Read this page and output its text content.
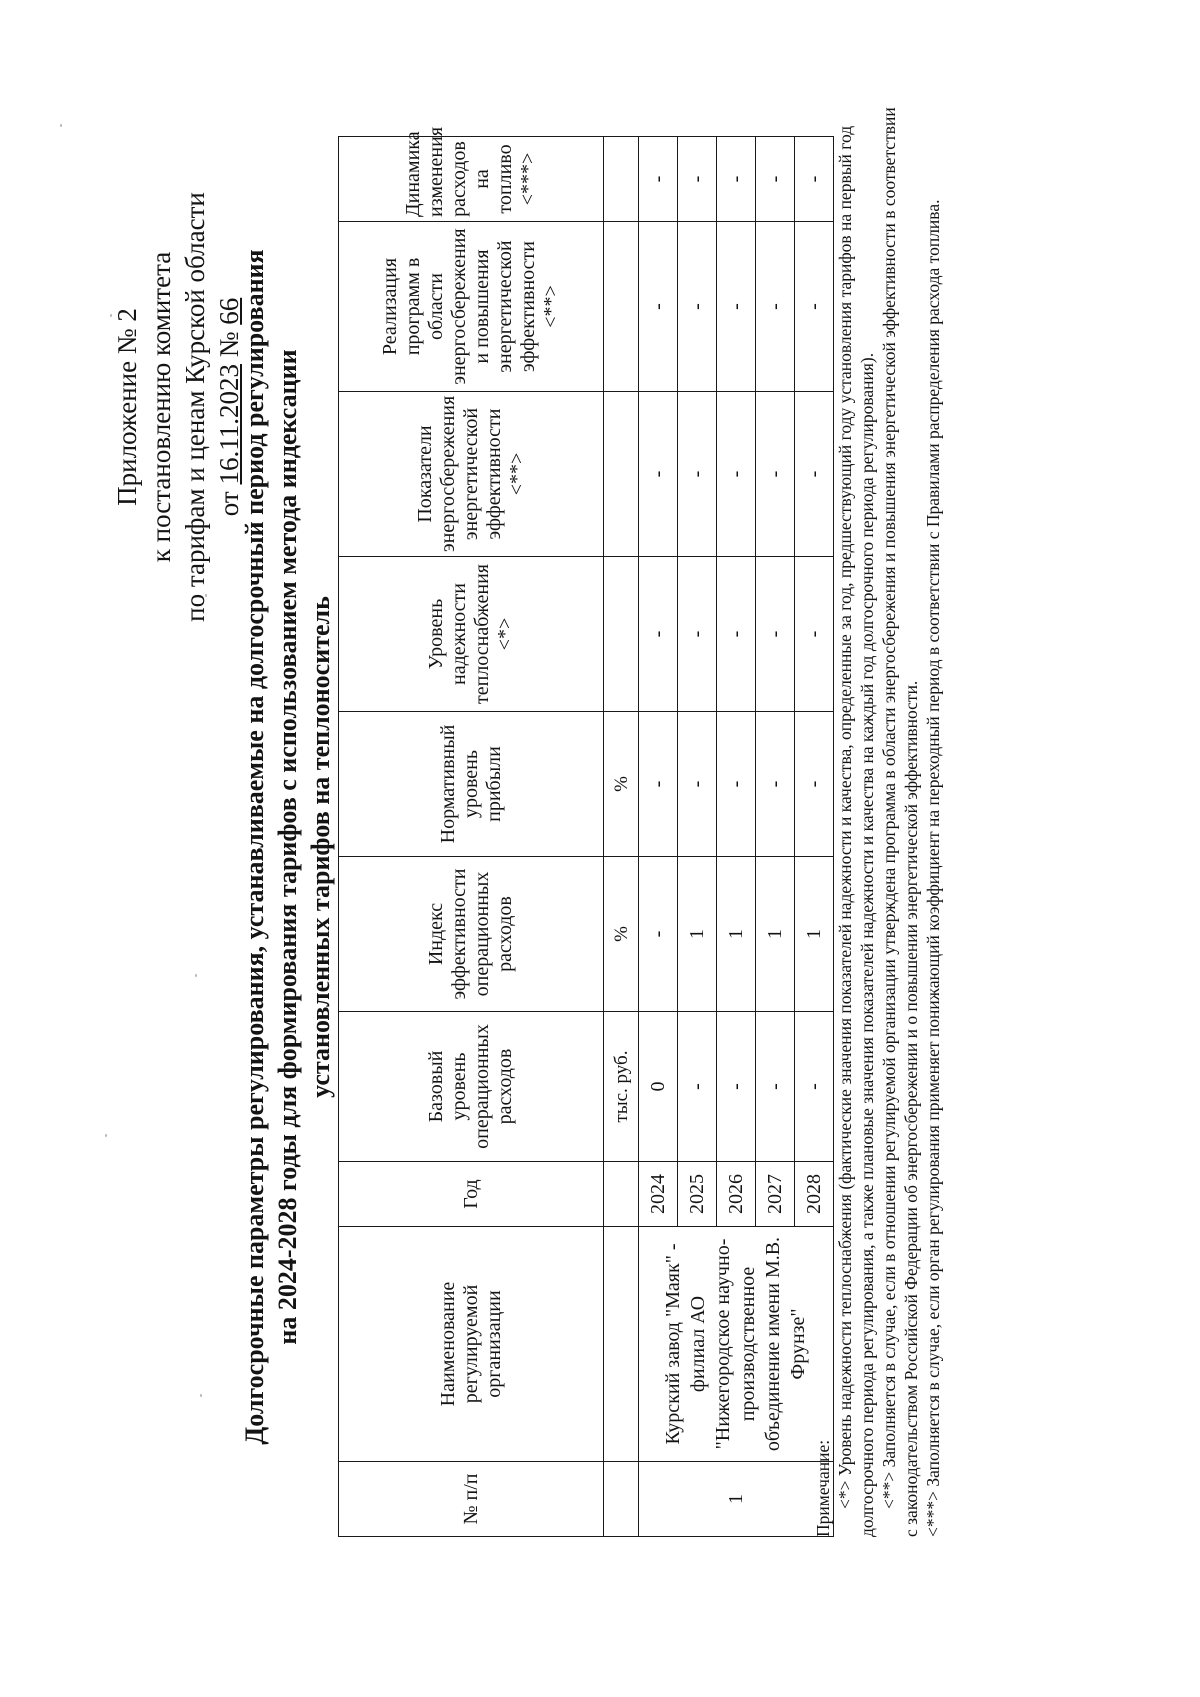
Приложение № 2 к постановлению комитета по тарифам и ценам Курской области от 16.11.2023 № 66
Долгосрочные параметры регулирования, устанавливаемые на долгосрочный период регулирования на 2024-2028 годы для формирования тарифов с использованием метода индексации установленных тарифов на теплоноситель
№ п/п	Наименование регулируемой организации	Год	Базовый уровень операционных расходов	Индекс эффективности операционных расходов	Нормативный уровень прибыли	Уровень надежности теплоснабжения <*>	Показатели энергосбережения энергетической эффективности <**>	Реализация программ в области энергосбережения и повышения энергетической эффективности <**>	Динамика изменения расходов на топливо <***>
			тыс. руб.	%	%				
1	Курский завод "Маяк" - филиал АО "Нижегородское научно-производственное объединение имени М.В. Фрунзе"	2024	0	-	-	-	-	-	-
		2025	-	1	-	-	-	-	-
		2026	-	1	-	-	-	-	-
		2027	-	1	-	-	-	-	-
		2028	-	1	-	-	-	-	-

Примечание: <*> Уровень надежности теплоснабжения (фактические значения показателей надежности и качества, определенные за год, предшествующий году установления тарифов на первый год долгосрочного периода регулирования, а также плановые значения показателей надежности и качества на каждый год долгосрочного периода регулирования). <**> Заполняется в случае, если в отношении регулируемой организации утверждена программа в области энергосбережения и повышения энергетической эффективности в соответствии с законодательством Российской Федерации об энергосбережении и о повышении энергетической эффективности. <***> Заполняется в случае, если орган регулирования применяет понижающий коэффициент на переходный период в соответствии с Правилами распределения расхода топлива.
